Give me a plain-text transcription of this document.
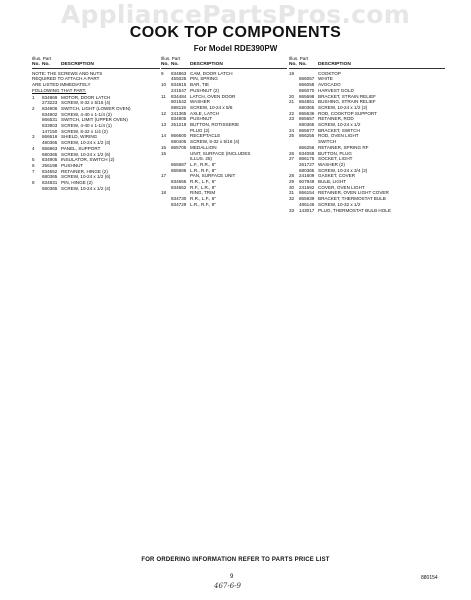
AppliancePartsPros.com
COOK TOP COMPONENTS
For Model RDE390PW
Illus. Part
No. No.	DESCRIPTION
NOTE: THE SCREWS AND NUTS
REQUIRED TO ATTACH A PART
ARE LISTED IMMEDIATELY
FOLLOWING THAT PART.
1	834869 MOTOR, DOOR LATCH
273223 SCREW, 8-32 x 5/16 (4)
2	834906 SWITCH, LIGHT (LOWER OVEN)
834902 SCREW, 4-40 x 1-1/4 (2)
866531 SWITCH, LIMIT (UPPER OVEN)
833903 SCREW, 4-40 x 1-1/4 (1)
147150 SCREW, 8-32 x 1/4 (2)
3	866616 SHIELD, WIRING
480365 SCREW, 10-24 x 1/2 (3)
4	866863 PANEL, SUPPORT
680365 SCREW, 10-24 x 1/2 (6)
5	834905 INSULATOR, SWITCH (2)
6	256198 PUSHNUT
7	834652 RETAINER, HINGE (2)
680365 SCREW, 10-24 x 1/2 (6)
8	834831 PIN, HINGE (2)
680365 SCREW, 10-24 x 1/2 (4)
Illus. Part
No. No.	DESCRIPTION
9	834863 CAM, DOOR LATCH
455025 PIN, SPRING
10	834815 BAR, TIE
241547 PUSHNUT (2)
11	834484 LATCH, OVEN DOOR
801542 WASHER
698119 SCREW, 10-24 x 5/8
12	241365 AXLE, LATCH
834905 PUSHNUT
13	251219 BUTTON, ROTISSERIE
PLUG (2)
14	866600 RECEPTACLE
680405 SCREW, 8-32 x 5/16 (4)
15	865705 MEDALLION
16	UNIT, SURFACE (INCLUDES
ILLUS. 25)
865687 L.F., R.R., 6"
865686 L.R., R.F., 8"
17	PAN, SURFACE UNIT
834655 R.R., L.F., 6"
834652 R.F., L.R., 8"
18	RING, TRIM
834730 R.R., L.F., 6"
834729 L.R., R.F., 8"
Illus. Part
No. No.	DESCRIPTION
19	COOKTOP
866057 WHITE
866058 AVOCADO
866070 HARVEST GOLD
20	865698 BRACKET, STRAIN RELIEF
21	864851 BUSHING, STRAIN RELIEF
680365 SCREW, 10-24 x 1/2 (2)
22	865636 ROD, COOKTOP SUPPORT
23	865657 RETAINER, ROD
680365 SCREW, 10-24 x 1/2
24	865677 BRACKET, SWITCH
25	866255 ROD, OVEN LIGHT
SWITCH
866256 RETAINER, SPRING RF
26	834058 BUTTON, PLUG
27	866175 SOCKET, LIGHT
261727 WASHER (2)
680365 SCREW, 10-24 x 3/4 (2)
28	241609 GASKET, COVER
29	607949 BULB, LIGHT
30	241592 COVER, OVEN LIGHT
31	866154 RETAINER, OVEN LIGHT COVER
32	865939 BRACKET, THERMOSTAT BULB
486146 SCREW, 10-32 x 1/2
33	143017 PLUG, THERMOSTAT BULB HOLE
FOR ORDERING INFORMATION REFER TO PARTS PRICE LIST
9
467-6-9
880154
